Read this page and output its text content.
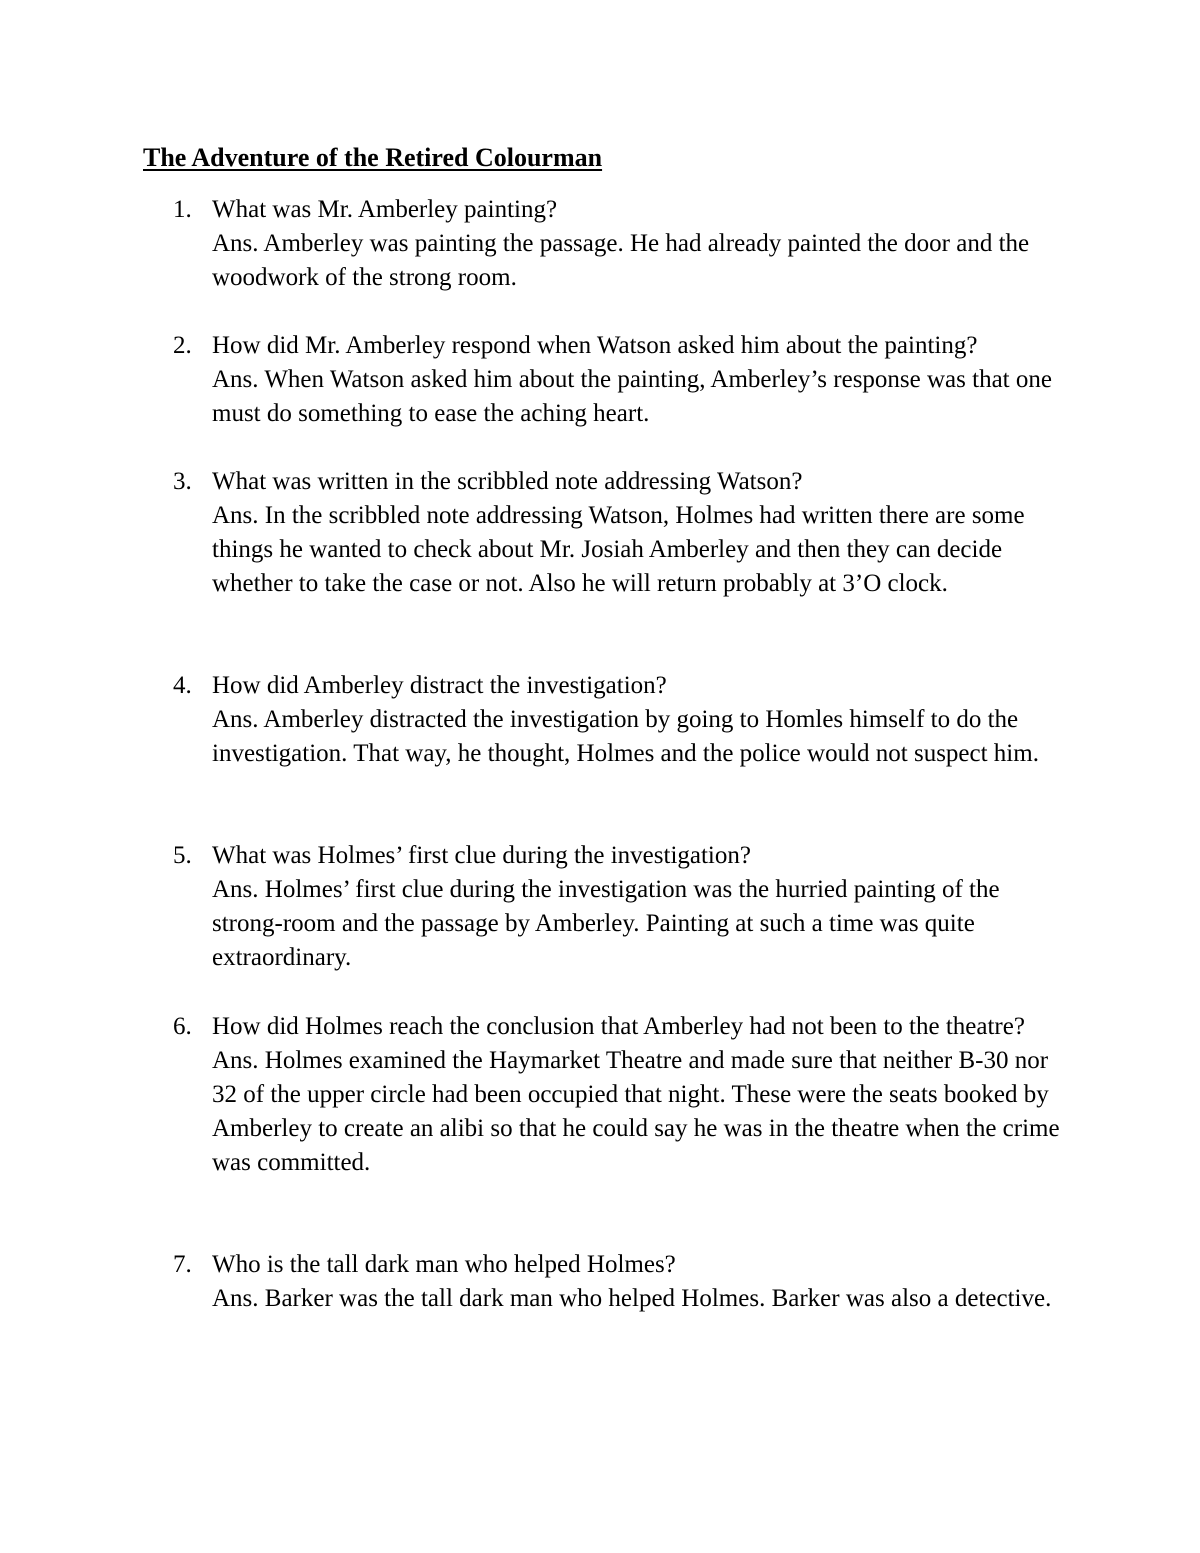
The Adventure of the Retired Colourman
1. What was Mr. Amberley painting?
Ans. Amberley was painting the passage. He had already painted the door and the woodwork of the strong room.
2. How did Mr. Amberley respond when Watson asked him about the painting?
Ans. When Watson asked him about the painting, Amberley’s response was that one must do something to ease the aching heart.
3. What was written in the scribbled note addressing Watson?
Ans. In the scribbled note addressing Watson, Holmes had written there are some things he wanted to check about Mr. Josiah Amberley and then they can decide whether to take the case or not. Also he will return probably at 3’O clock.
4. How did Amberley distract the investigation?
Ans. Amberley distracted the investigation by going to Homles himself to do the investigation. That way, he thought, Holmes and the police would not suspect him.
5. What was Holmes’ first clue during the investigation?
Ans. Holmes’ first clue during the investigation was the hurried painting of the strong-room and the passage by Amberley. Painting at such a time was quite extraordinary.
6. How did Holmes reach the conclusion that Amberley had not been to the theatre?
Ans. Holmes examined the Haymarket Theatre and made sure that neither B-30 nor 32 of the upper circle had been occupied that night. These were the seats booked by Amberley to create an alibi so that he could say he was in the theatre when the crime was committed.
7. Who is the tall dark man who helped Holmes?
Ans. Barker was the tall dark man who helped Holmes. Barker was also a detective.
